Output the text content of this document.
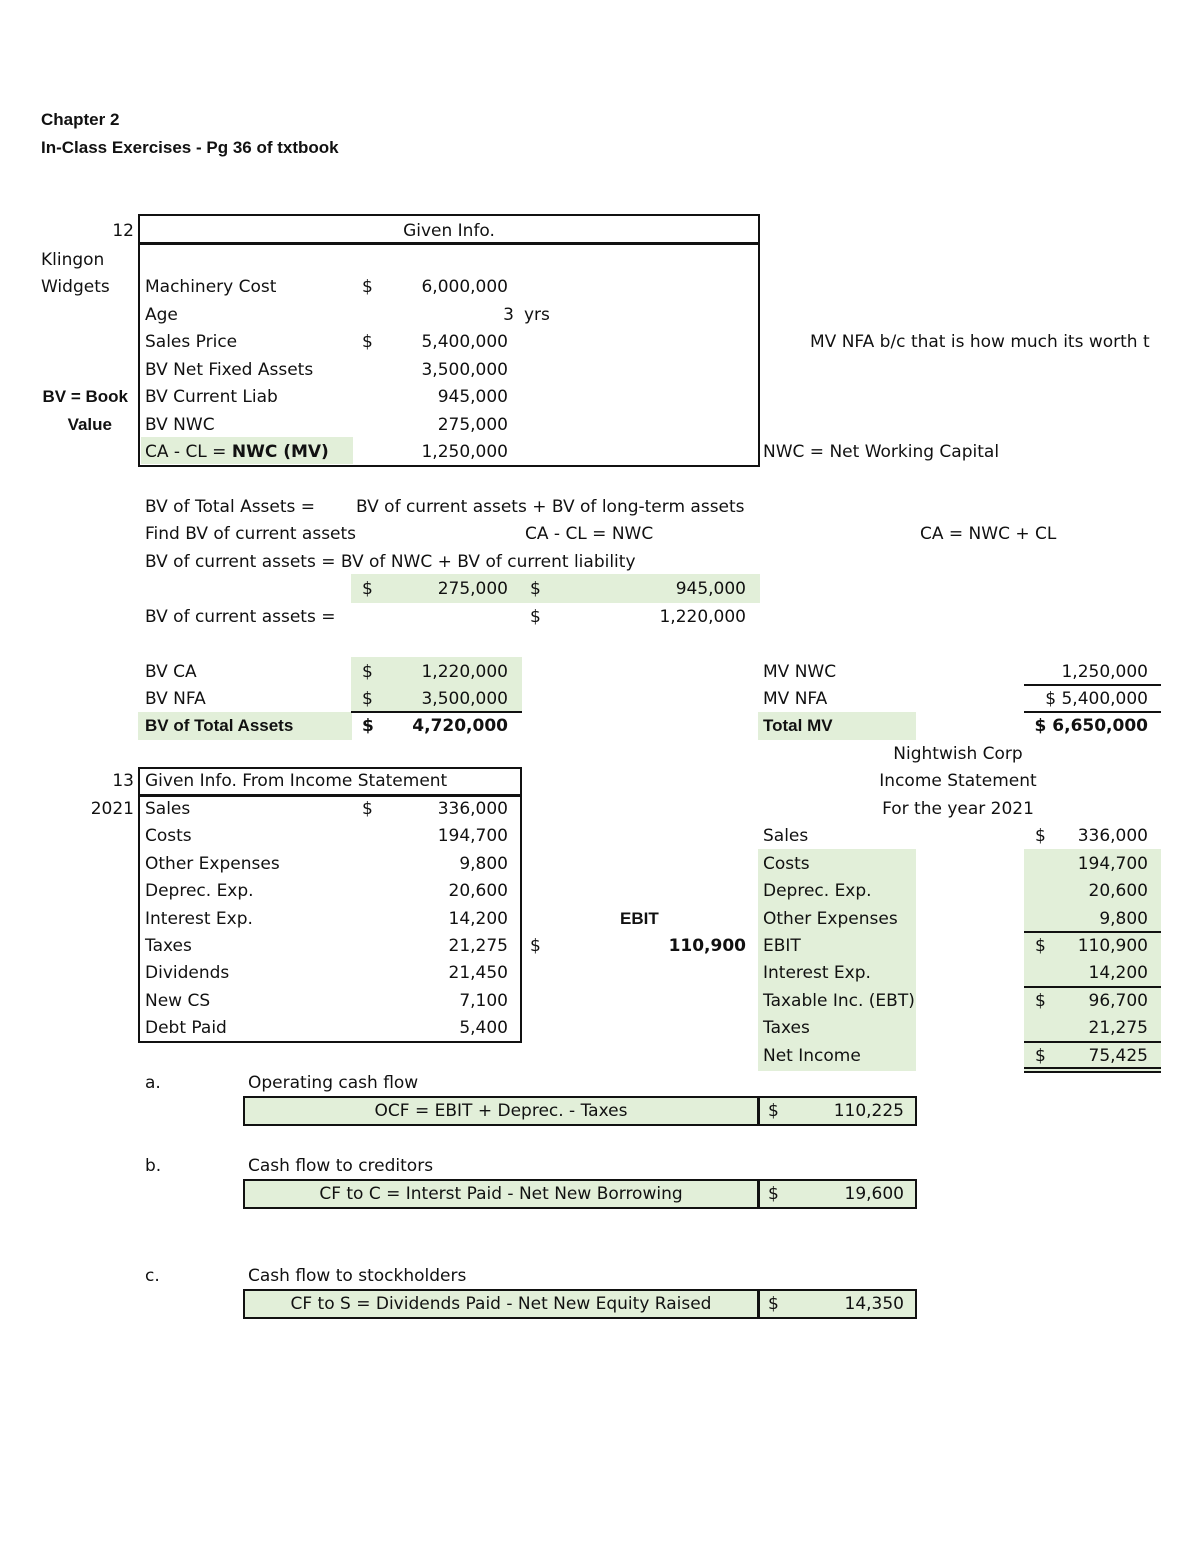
Chapter 2
In-Class Exercises - Pg 36 of txtbook
12
Klingon
Widgets
BV = Book
Value
Given Info.
Machinery Cost	$	6,000,000
Age	3 yrs
Sales Price	$	5,400,000
BV Net Fixed Assets	3,500,000
BV Current Liab	945,000
BV NWC	275,000
CA - CL = NWC (MV)	1,250,000
MV NFA b/c that is how much its worth t
NWC = Net Working Capital
BV of Total Assets = BV of current assets + BV of long-term assets
Find BV of current assets	CA - CL = NWC	CA = NWC + CL
BV of current assets = BV of NWC + BV of current liability
$	275,000 $	945,000
BV of current assets =	$	1,220,000
BV CA	$	1,220,000
BV NFA	$	3,500,000
BV of Total Assets	$	4,720,000
MV NWC	1,250,000
MV NFA	$ 5,400,000
Total MV	$ 6,650,000
13
2021
Given Info. From Income Statement
Sales	$	336,000
Costs	194,700
Other Expenses	9,800
Deprec. Exp.	20,600
Interest Exp.	14,200
Taxes	21,275
Dividends	21,450
New CS	7,100
Debt Paid	5,400
EBIT
$	110,900
Nightwish Corp
Income Statement
For the year 2021
Sales	$	336,000
Costs	194,700
Deprec. Exp.	20,600
Other Expenses	9,800
EBIT	$	110,900
Interest Exp.	14,200
Taxable Inc. (EBT)	$	96,700
Taxes	21,275
Net Income	$	75,425
a.	Operating cash flow
OCF = EBIT + Deprec. - Taxes	$	110,225
b.	Cash flow to creditors
CF to C = Interst Paid - Net New Borrowing	$	19,600
c.	Cash flow to stockholders
CF to S = Dividends Paid - Net New Equity Raised	$	14,350
